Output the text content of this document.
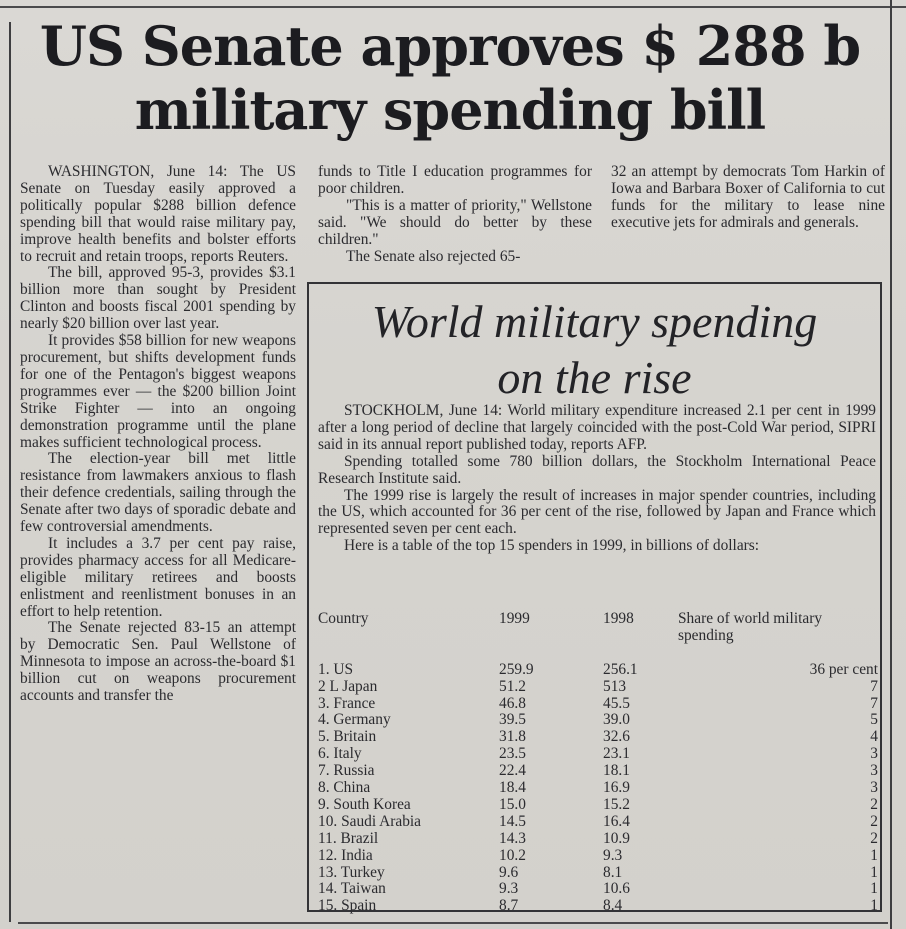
US Senate approves $ 288 b
military spending bill

WASHINGTON, June 14: The US Senate on Tuesday easily approved a politically popular $288 billion defence spending bill that would raise military pay, improve health benefits and bolster efforts to recruit and retain troops, reports Reuters.

The bill, approved 95-3, provides $3.1 billion more than sought by President Clinton and boosts fiscal 2001 spending by nearly $20 billion over last year.

It provides $58 billion for new weapons procurement, but shifts development funds for one of the Pentagon's biggest weapons programmes ever — the $200 billion Joint Strike Fighter — into an ongoing demonstration programme until the plane makes sufficient technological process.

The election-year bill met little resistance from lawmakers anxious to flash their defence credentials, sailing through the Senate after two days of sporadic debate and few controversial amendments.

It includes a 3.7 per cent pay raise, provides pharmacy access for all Medicare-eligible military retirees and boosts enlistment and reenlistment bonuses in an effort to help retention.

The Senate rejected 83-15 an attempt by Democratic Sen. Paul Wellstone of Minnesota to impose an across-the-board $1 billion cut on weapons procurement accounts and transfer the

funds to Title I education programmes for poor children.

"This is a matter of priority," Wellstone said. "We should do better by these children."

The Senate also rejected 65-

32 an attempt by democrats Tom Harkin of Iowa and Barbara Boxer of California to cut funds for the military to lease nine executive jets for admirals and generals.

World military spending
on the rise

STOCKHOLM, June 14: World military expenditure increased 2.1 per cent in 1999 after a long period of decline that largely coincided with the post-Cold War period, SIPRI said in its annual report published today, reports AFP.

Spending totalled some 780 billion dollars, the Stockholm International Peace Research Institute said.

The 1999 rise is largely the result of increases in major spender countries, including the US, which accounted for 36 per cent of the rise, followed by Japan and France which represented seven per cent each.

Here is a table of the top 15 spenders in 1999, in billions of dollars:

Country	1999	1998	Share of world military spending

1. US	259.9	256.1	36 per cent
2 L Japan	51.2	513	7
3. France	46.8	45.5	7
4. Germany	39.5	39.0	5
5. Britain	31.8	32.6	4
6. Italy	23.5	23.1	3
7. Russia	22.4	18.1	3
8. China	18.4	16.9	3
9. South Korea	15.0	15.2	2
10. Saudi Arabia	14.5	16.4	2
11. Brazil	14.3	10.9	2
12. India	10.2	9.3	1
13. Turkey	9.6	8.1	1
14. Taiwan	9.3	10.6	1
15. Spain	8.7	8.4	1
